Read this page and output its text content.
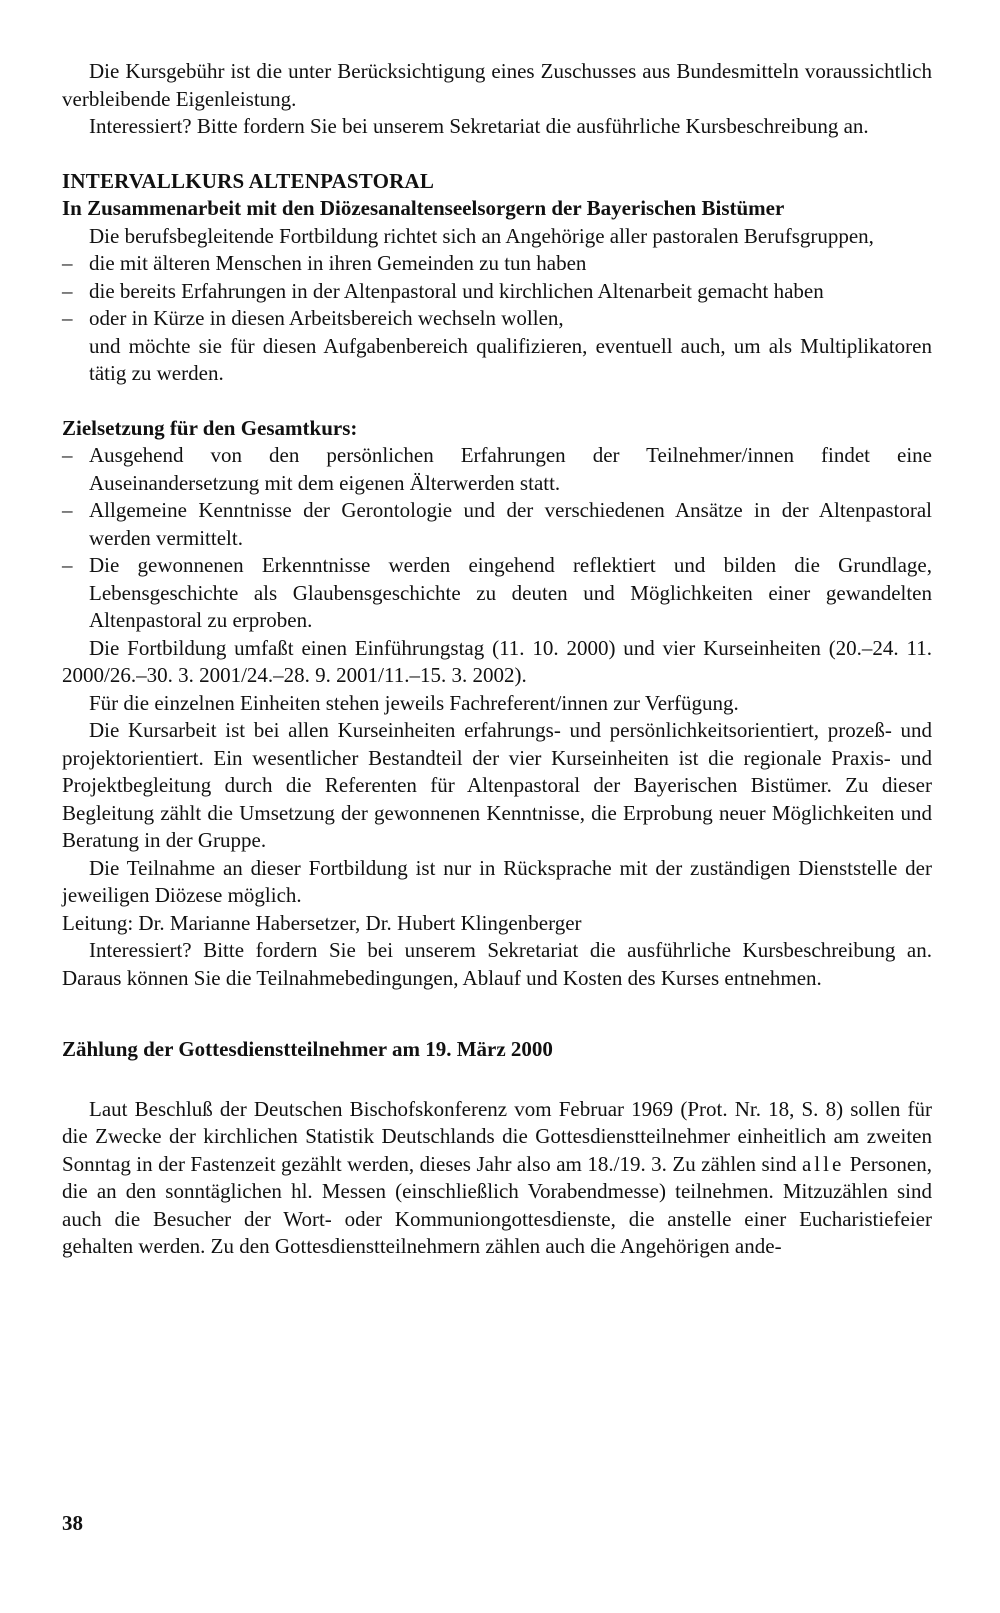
Die Kursgebühr ist die unter Berücksichtigung eines Zuschusses aus Bundesmitteln voraussichtlich verbleibende Eigenleistung.

Interessiert? Bitte fordern Sie bei unserem Sekretariat die ausführliche Kursbeschreibung an.

INTERVALLKURS ALTENPASTORAL

In Zusammenarbeit mit den Diözesanaltenseelsorgern der Bayerischen Bistümer

Die berufsbegleitende Fortbildung richtet sich an Angehörige aller pastoralen Berufsgruppen,

– die mit älteren Menschen in ihren Gemeinden zu tun haben

– die bereits Erfahrungen in der Altenpastoral und kirchlichen Altenarbeit gemacht haben

– oder in Kürze in diesen Arbeitsbereich wechseln wollen,

und möchte sie für diesen Aufgabenbereich qualifizieren, eventuell auch, um als Multiplikatoren tätig zu werden.

Zielsetzung für den Gesamtkurs:

– Ausgehend von den persönlichen Erfahrungen der Teilnehmer/innen findet eine Auseinandersetzung mit dem eigenen Älterwerden statt.

– Allgemeine Kenntnisse der Gerontologie und der verschiedenen Ansätze in der Altenpastoral werden vermittelt.

– Die gewonnenen Erkenntnisse werden eingehend reflektiert und bilden die Grundlage, Lebensgeschichte als Glaubensgeschichte zu deuten und Möglichkeiten einer gewandelten Altenpastoral zu erproben.

Die Fortbildung umfaßt einen Einführungstag (11. 10. 2000) und vier Kurseinheiten (20.–24. 11. 2000/26.–30. 3. 2001/24.–28. 9. 2001/11.–15. 3. 2002).

Für die einzelnen Einheiten stehen jeweils Fachreferent/innen zur Verfügung.

Die Kursarbeit ist bei allen Kurseinheiten erfahrungs- und persönlichkeitsorientiert, prozeß- und projektorientiert. Ein wesentlicher Bestandteil der vier Kurseinheiten ist die regionale Praxis- und Projektbegleitung durch die Referenten für Altenpastoral der Bayerischen Bistümer. Zu dieser Begleitung zählt die Umsetzung der gewonnenen Kenntnisse, die Erprobung neuer Möglichkeiten und Beratung in der Gruppe.

Die Teilnahme an dieser Fortbildung ist nur in Rücksprache mit der zuständigen Dienststelle der jeweiligen Diözese möglich.

Leitung: Dr. Marianne Habersetzer, Dr. Hubert Klingenberger

Interessiert? Bitte fordern Sie bei unserem Sekretariat die ausführliche Kursbeschreibung an. Daraus können Sie die Teilnahmebedingungen, Ablauf und Kosten des Kurses entnehmen.

Zählung der Gottesdienstteilnehmer am 19. März 2000

Laut Beschluß der Deutschen Bischofskonferenz vom Februar 1969 (Prot. Nr. 18, S. 8) sollen für die Zwecke der kirchlichen Statistik Deutschlands die Gottesdienstteilnehmer einheitlich am zweiten Sonntag in der Fastenzeit gezählt werden, dieses Jahr also am 18./19. 3. Zu zählen sind alle Personen, die an den sonntäglichen hl. Messen (einschließlich Vorabendmesse) teilnehmen. Mitzuzählen sind auch die Besucher der Wort- oder Kommuniongottesdienste, die anstelle einer Eucharistiefeier gehalten werden. Zu den Gottesdienstteilnehmern zählen auch die Angehörigen ande-

38
